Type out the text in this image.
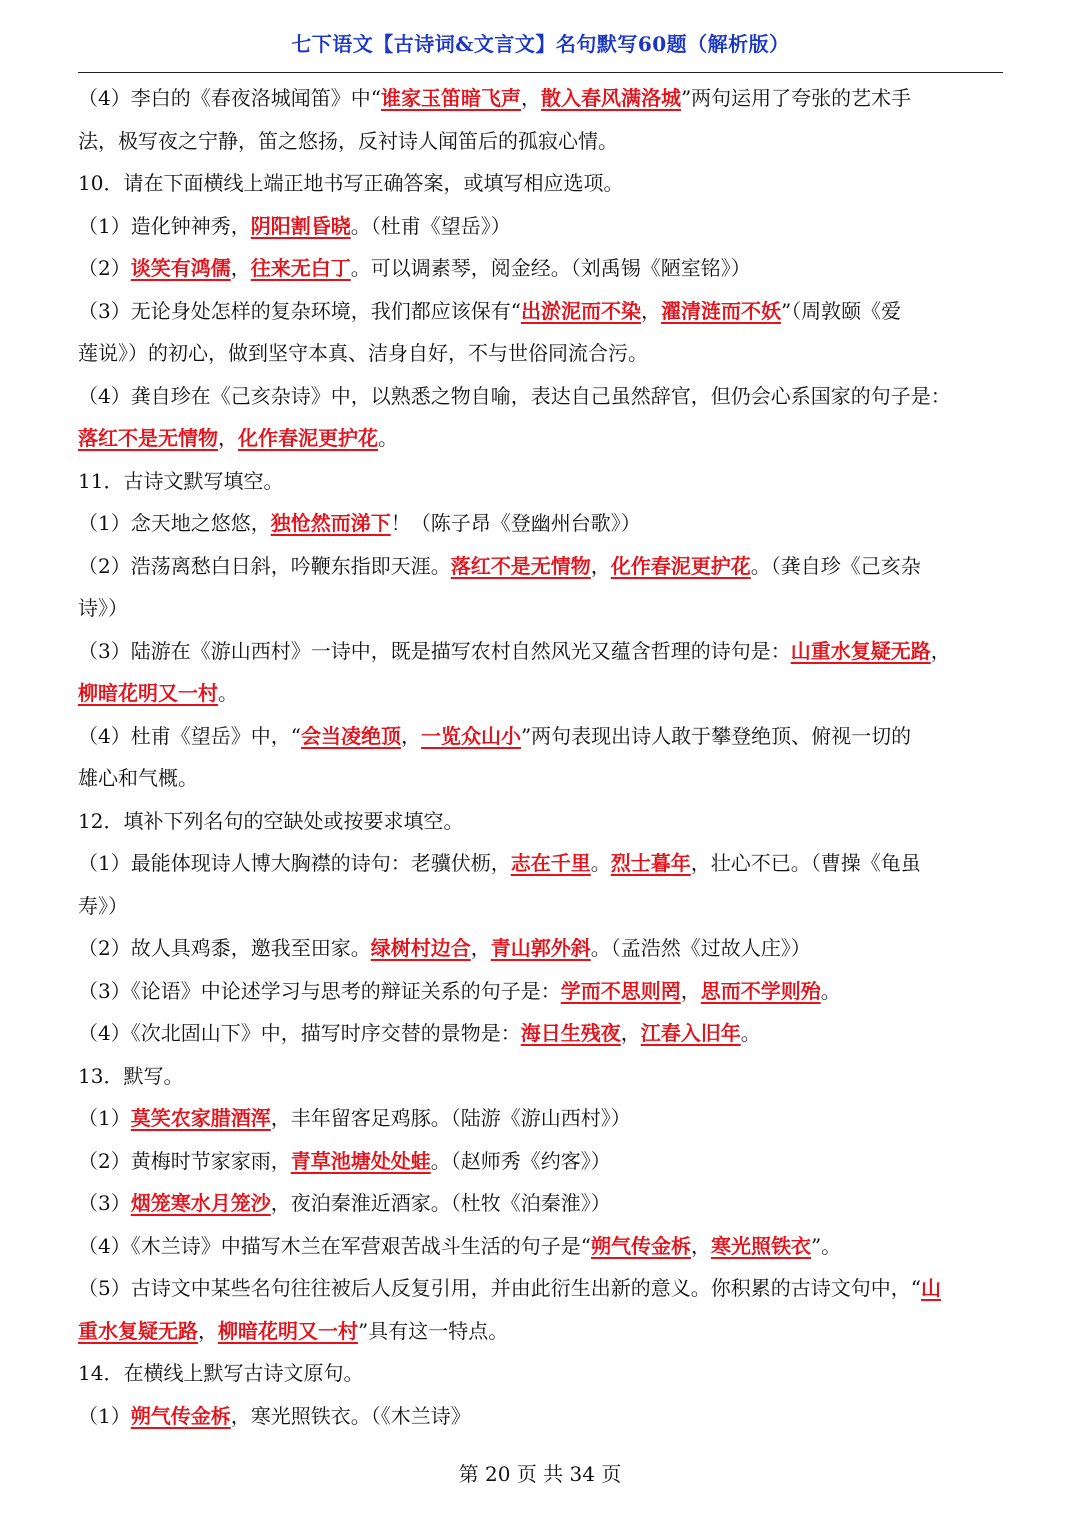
七下语文【古诗词&文言文】名句默写60题（解析版）
（4）李白的《春夜洛城闻笛》中“谁家玉笛暗飞声，散入春风满洛城”两句运用了夸张的艺术手
法，极写夜之宁静，笛之悠扬，反衬诗人闻笛后的孤寂心情。
10．请在下面横线上端正地书写正确答案，或填写相应选项。
（1）造化钟神秀，阴阳割昏晓。（杜甫《望岳》）
（2）谈笑有鸿儒，往来无白丁。可以调素琴，阅金经。（刘禹锡《陋室铭》）
（3）无论身处怎样的复杂环境，我们都应该保有“出淤泥而不染，濯清涟而不妖”（周敦颐《爱
莲说》）的初心，做到坚守本真、洁身自好，不与世俗同流合污。
（4）龚自珍在《己亥杂诗》中，以熟悉之物自喻，表达自己虽然辞官，但仍会心系国家的句子是：
落红不是无情物，化作春泥更护花。
11．古诗文默写填空。
（1）念天地之悠悠，独怆然而涕下！（陈子昂《登幽州台歌》）
（2）浩荡离愁白日斜，吟鞭东指即天涯。落红不是无情物，化作春泥更护花。（龚自珍《己亥杂
诗》）
（3）陆游在《游山西村》一诗中，既是描写农村自然风光又蕴含哲理的诗句是：山重水复疑无路，
柳暗花明又一村。
（4）杜甫《望岳》中，“会当凌绝顶，一览众山小”两句表现出诗人敢于攀登绝顶、俯视一切的
雄心和气概。
12．填补下列名句的空缺处或按要求填空。
（1）最能体现诗人博大胸襟的诗句：老骥伏枥，志在千里。烈士暮年，壮心不已。（曹操《龟虽
寿》）
（2）故人具鸡黍，邀我至田家。绿树村边合，青山郭外斜。（孟浩然《过故人庄》）
（3）《论语》中论述学习与思考的辩证关系的句子是：学而不思则罔，思而不学则殆。
（4）《次北固山下》中，描写时序交替的景物是：海日生残夜，江春入旧年。
13．默写。
（1）莫笑农家腊酒浑，丰年留客足鸡豚。（陆游《游山西村》）
（2）黄梅时节家家雨，青草池塘处处蛙。（赵师秀《约客》）
（3）烟笼寒水月笼沙，夜泊秦淮近酒家。（杜牧《泊秦淮》）
（4）《木兰诗》中描写木兰在军营艰苦战斗生活的句子是“朔气传金柝，寒光照铁衣”。
（5）古诗文中某些名句往往被后人反复引用，并由此衍生出新的意义。你积累的古诗文句中，“山
重水复疑无路，柳暗花明又一村”具有这一特点。
14．在横线上默写古诗文原句。
（1）朔气传金柝，寒光照铁衣。（《木兰诗》
第 20 页 共 34 页
